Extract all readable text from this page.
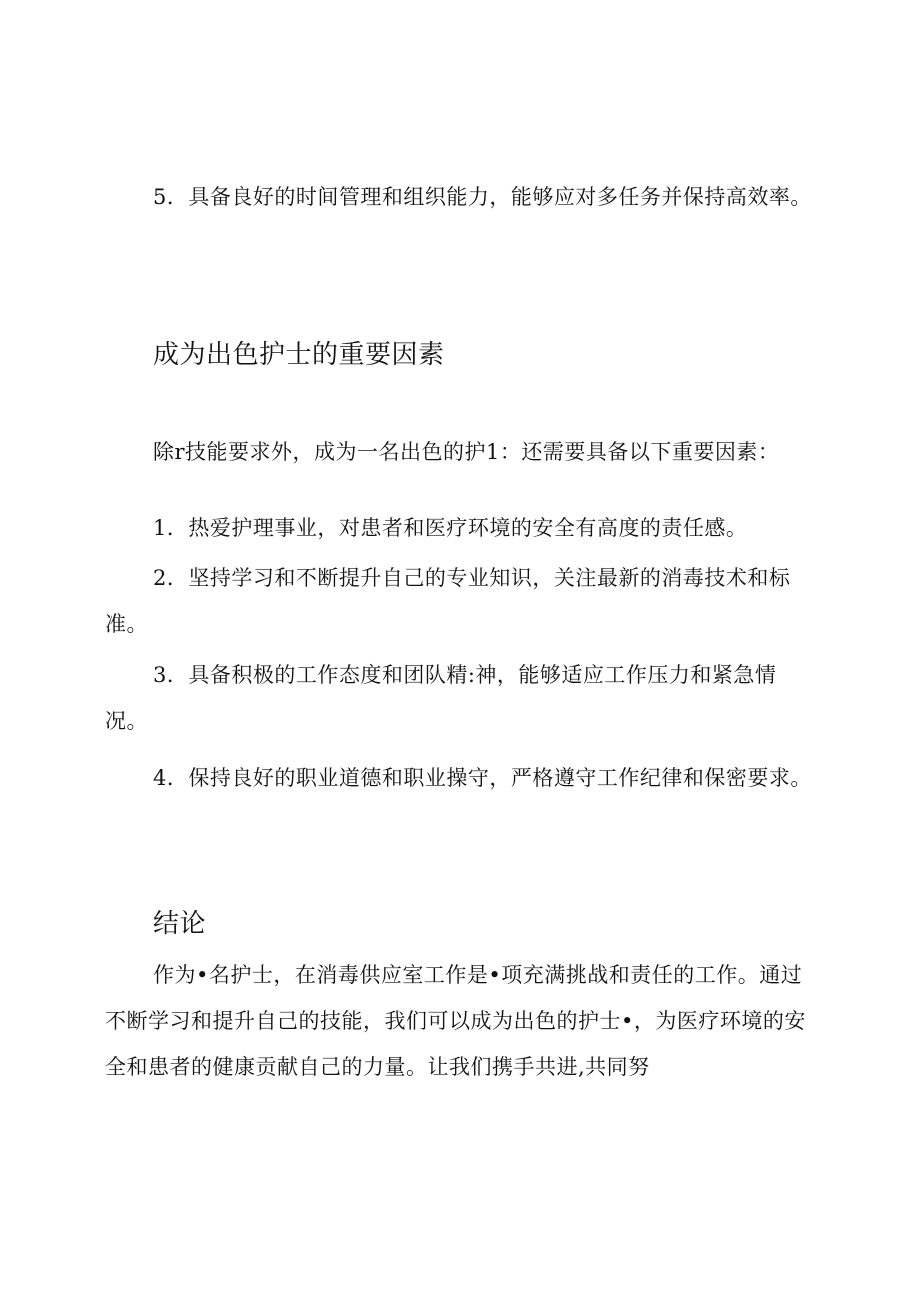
5．具备良好的时间管理和组织能力，能够应对多任务并保持高效率。

成为出色护士的重要因素

除r技能要求外，成为一名出色的护1：还需要具备以下重要因素：

1．热爱护理事业，对患者和医疗环境的安全有高度的责任感。

2．坚持学习和不断提升自己的专业知识，关注最新的消毒技术和标准。

3．具备积极的工作态度和团队精:神，能够适应工作压力和紧急情况。

4．保持良好的职业道德和职业操守，严格遵守工作纪律和保密要求。

结论

作为•名护士，在消毒供应室工作是•项充满挑战和责任的工作。通过不断学习和提升自己的技能，我们可以成为出色的护士•，为医疗环境的安全和患者的健康贡献自己的力量。让我们携手共进,共同努
